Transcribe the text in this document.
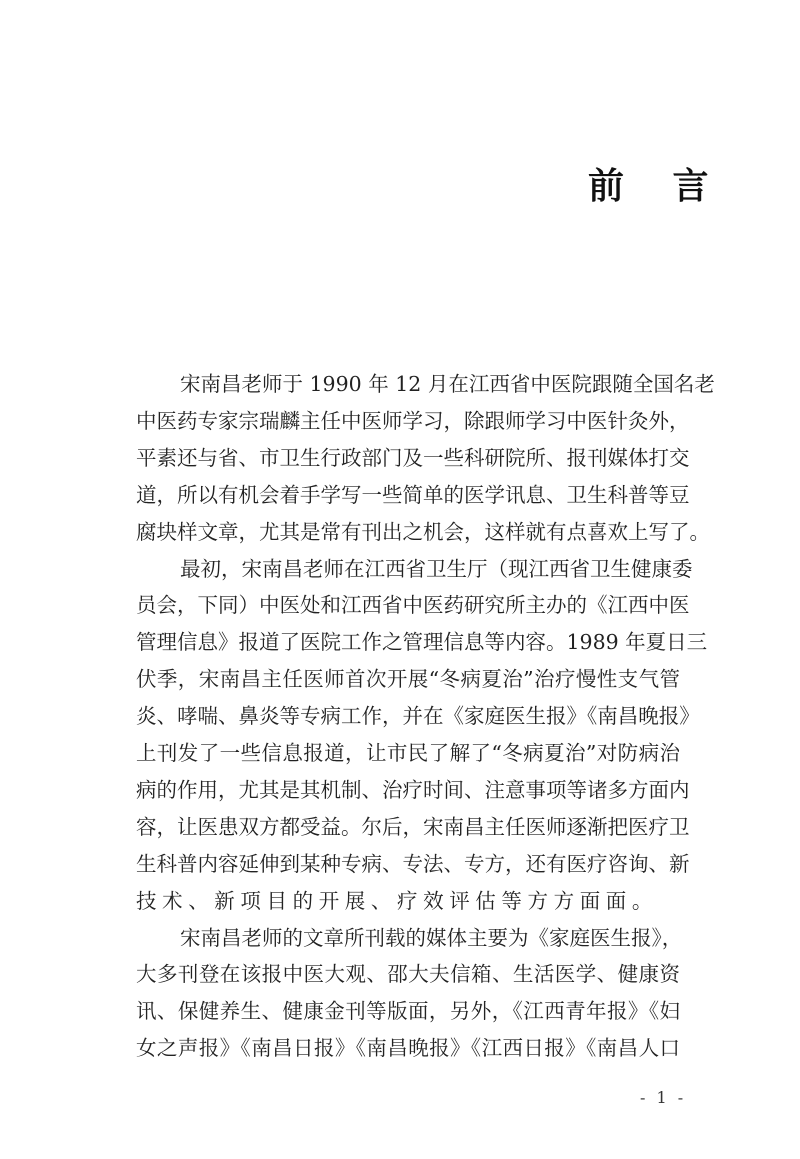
前 言
宋南昌老师于 1990 年 12 月在江西省中医院跟随全国名老
中医药专家宗瑞麟主任中医师学习，除跟师学习中医针灸外，
平素还与省、市卫生行政部门及一些科研院所、报刊媒体打交
道，所以有机会着手学写一些简单的医学讯息、卫生科普等豆
腐块样文章，尤其是常有刊出之机会，这样就有点喜欢上写了。
最初，宋南昌老师在江西省卫生厅（现江西省卫生健康委
员会，下同）中医处和江西省中医药研究所主办的《江西中医
管理信息》报道了医院工作之管理信息等内容。1989 年夏日三
伏季，宋南昌主任医师首次开展“冬病夏治”治疗慢性支气管
炎、哮喘、鼻炎等专病工作，并在《家庭医生报》《南昌晚报》
上刊发了一些信息报道，让市民了解了“冬病夏治”对防病治
病的作用，尤其是其机制、治疗时间、注意事项等诸多方面内
容，让医患双方都受益。尔后，宋南昌主任医师逐渐把医疗卫
生科普内容延伸到某种专病、专法、专方，还有医疗咨询、新
技术、新项目的开展、疗效评估等方方面面。
宋南昌老师的文章所刊载的媒体主要为《家庭医生报》，
大多刊登在该报中医大观、邵大夫信箱、生活医学、健康资
讯、保健养生、健康金刊等版面，另外，《江西青年报》《妇
女之声报》《南昌日报》《南昌晚报》《江西日报》《南昌人口
- 1 -
